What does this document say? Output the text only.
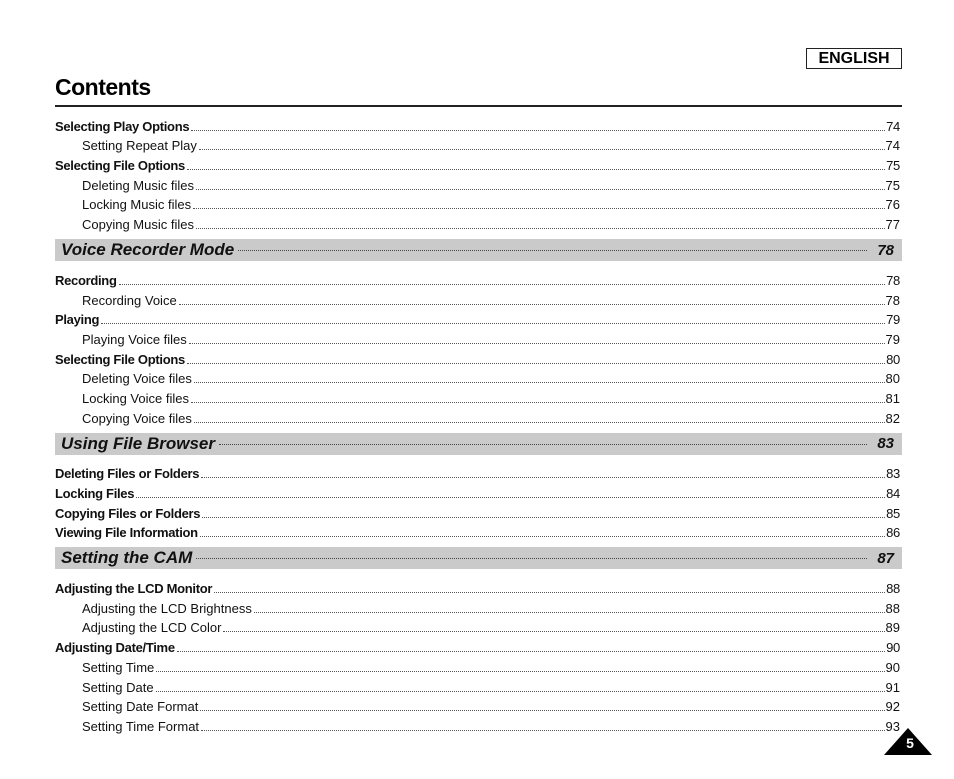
ENGLISH
Contents
Selecting Play Options	74
Setting Repeat Play	74
Selecting File Options	75
Deleting Music files	75
Locking Music files	76
Copying Music files	77
Voice Recorder Mode	78
Recording	78
Recording Voice	78
Playing	79
Playing Voice files	79
Selecting File Options	80
Deleting Voice files	80
Locking Voice files	81
Copying Voice files	82
Using File Browser	83
Deleting Files or Folders	83
Locking Files	84
Copying Files or Folders	85
Viewing File Information	86
Setting the CAM	87
Adjusting the LCD Monitor	88
Adjusting the LCD Brightness	88
Adjusting the LCD Color	89
Adjusting Date/Time	90
Setting Time	90
Setting Date	91
Setting Date Format	92
Setting Time Format	93
5
